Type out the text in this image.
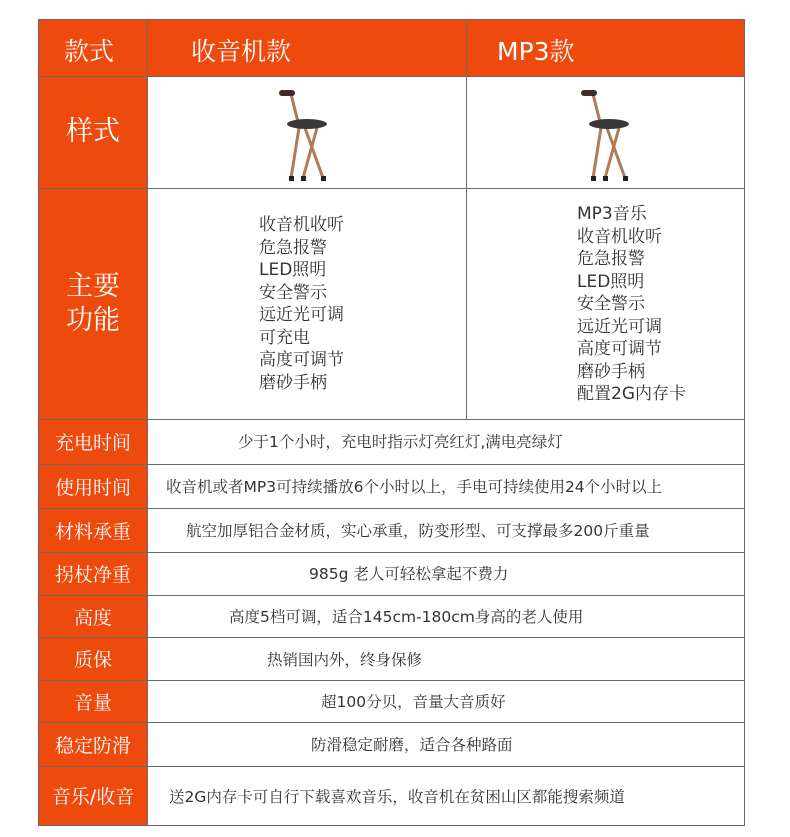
款式	收音机款	MP3款
样式
主要功能
充电时间
使用时间
材料承重
拐杖净重
高度
质保
音量
稳定防滑
音乐/收音
收音机收听
危急报警
LED照明
安全警示
远近光可调
可充电
高度可调节
磨砂手柄
MP3音乐
收音机收听
危急报警
LED照明
安全警示
远近光可调
高度可调节
磨砂手柄
配置2G内存卡
少于1个小时，充电时指示灯亮红灯,满电亮绿灯
收音机或者MP3可持续播放6个小时以上，手电可持续使用24个小时以上
航空加厚铝合金材质，实心承重，防变形型、可支撑最多200斤重量
985g 老人可轻松拿起不费力
高度5档可调，适合145cm-180cm身高的老人使用
热销国内外，终身保修
超100分贝，音量大音质好
防滑稳定耐磨，适合各种路面
送2G内存卡可自行下载喜欢音乐，收音机在贫困山区都能搜索频道
